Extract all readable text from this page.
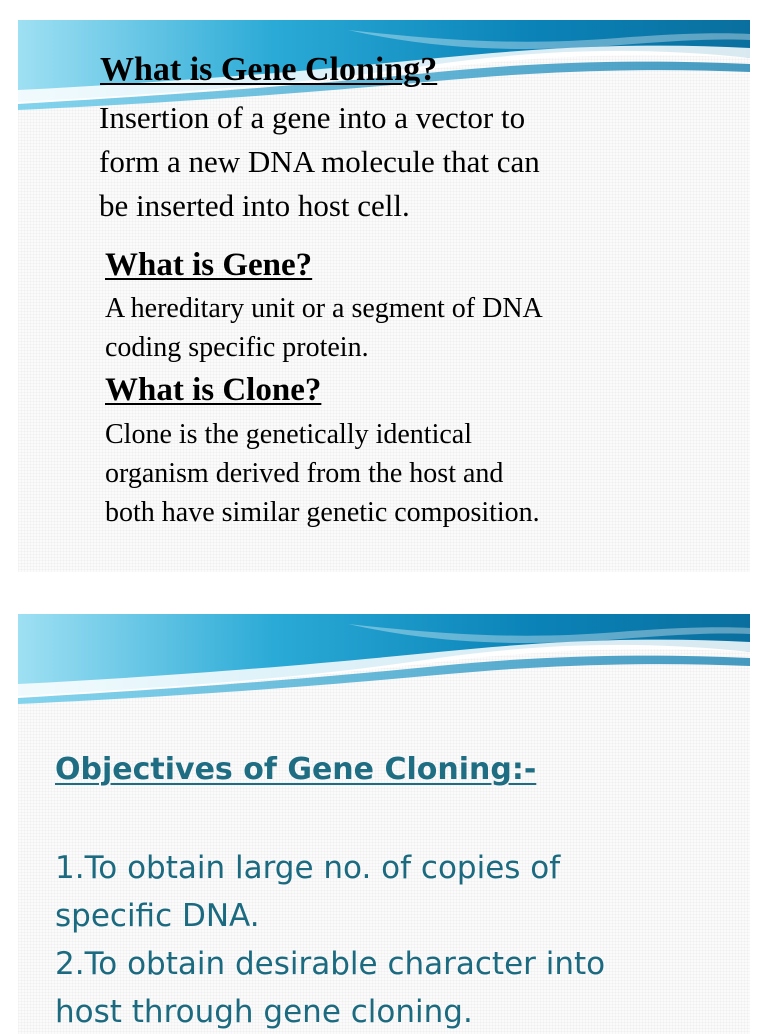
What is Gene Cloning?
Insertion of a gene into a vector to
form a new DNA molecule that can
be inserted into host cell.
What is Gene?
A hereditary unit or a segment of DNA
coding specific protein.
What is Clone?
Clone is the genetically identical
organism derived from the host and
both have similar genetic composition.
Objectives of Gene Cloning:-
1.To obtain large no. of copies of
specific DNA.
2.To obtain desirable character into
host through gene cloning.
